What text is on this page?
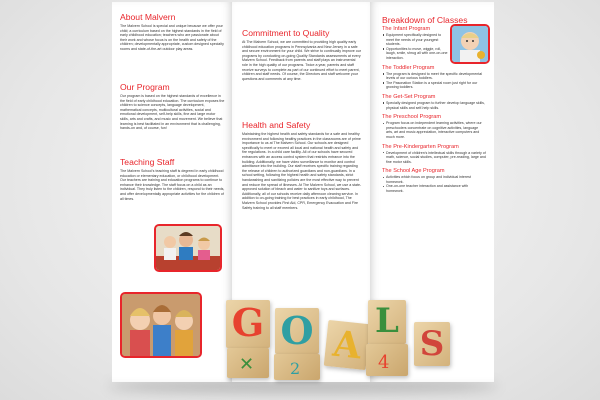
About Malvern

The Malvern School is special and unique because we offer your child; a curriculum based on the highest standards in the field of early childhood education; teachers who are passionate about their work and whose focus is on the health and safety of the children; developmentally appropriate, custom designed specialty rooms and state-of-the-art outdoor play areas.

Our Program

Our program is based on the highest standards of excellence in the field of early childhood education. The curriculum exposes the children to science concepts, language development, mathematical concepts, multicultural activities, social and emotional development, self-help skills, fine and large motor skills, arts and crafts, and music and movement. We believe that learning is best facilitated in an environment that is challenging, hands-on and, of course, fun!

Teaching Staff

The Malvern School's teaching staff is degreed in early childhood education or elementary education, or childhood development. Our teachers are training and education programs to continue to enhance their knowledge. The staff focus on a child as an individual. They truly listen to the children, respond to their needs, and offer developmentally appropriate activities for the children of all times.

Commitment to Quality

At The Malvern School, we are committed to providing high quality early childhood education programs in Pennsylvania and New Jersey in a safe and secure environment for your child. We strive to continually improve our programs by conducting on-going Quality Standards assessments at every Malvern School. Feedback from parents and staff plays an instrumental role in the high quality of our programs. Twice a year, parents and staff receive surveys to complete as part of our continued effort to meet parent, children and staff needs. Of course, the Directors and staff welcome your questions and comments at any time.

Health and Safety

Maintaining the highest health and safety standards for a safe and healthy environment and following healthy practices in the classrooms are of prime importance to us at The Malvern School. Our schools are designed specifically to meet or exceed all local and national health and safety and fire regulations. In a child care facility. All of our schools have secured entrances with an access control system that restricts entrance into the building. Additionally, we have video surveillance to monitor and control admittance into the building. Our staff receives specific training regarding the release of children to authorized guardians and non-guardians. In a school setting, following the highest health and safety standards, strict handwashing and sanitizing policies are the most effective way to prevent and reduce the spread of illnesses. At The Malvern School, we use a state-approved solution of bleach and water to sanitize toys and surfaces. Additionally, all of our schools receive daily afternoon cleaning service. In addition to on-going training for best practices in early childhood, The Malvern School provides First Aid, CPR, Emergency Evacuation and Fire Safety training to all staff members.

Breakdown of Classes
The Infant Program
Equipment specifically designed to meet the needs of your youngest students.
Opportunities to move, wiggle, roll, laugh, smile, shrug all with one-on-one interaction.
The Toddler Program
The program is designed to meet the specific developmental levels of our curious toddlers.
The Pasonation Station is a special room just right for our growing toddlers.
The Get-Set Program
Specially designed program to further develop language skills, physical skills and self-help skills.
The Preschool Program
Program focus on independent learning activities, where our preschoolers concentrate on cognitive activities, language arts, art and music appreciation, interactive computers and much more.
The Pre-Kindergarten Program
Development of children's intellectual skills through a variety of math, science, social studies, computer, pre-reading, large and fine motor skills.
The School Age Program
Activities which focus on group and individual interest homework.
One-on-one teacher interaction and assistance with homework.
G
✕
O
2
A
L
4 S
